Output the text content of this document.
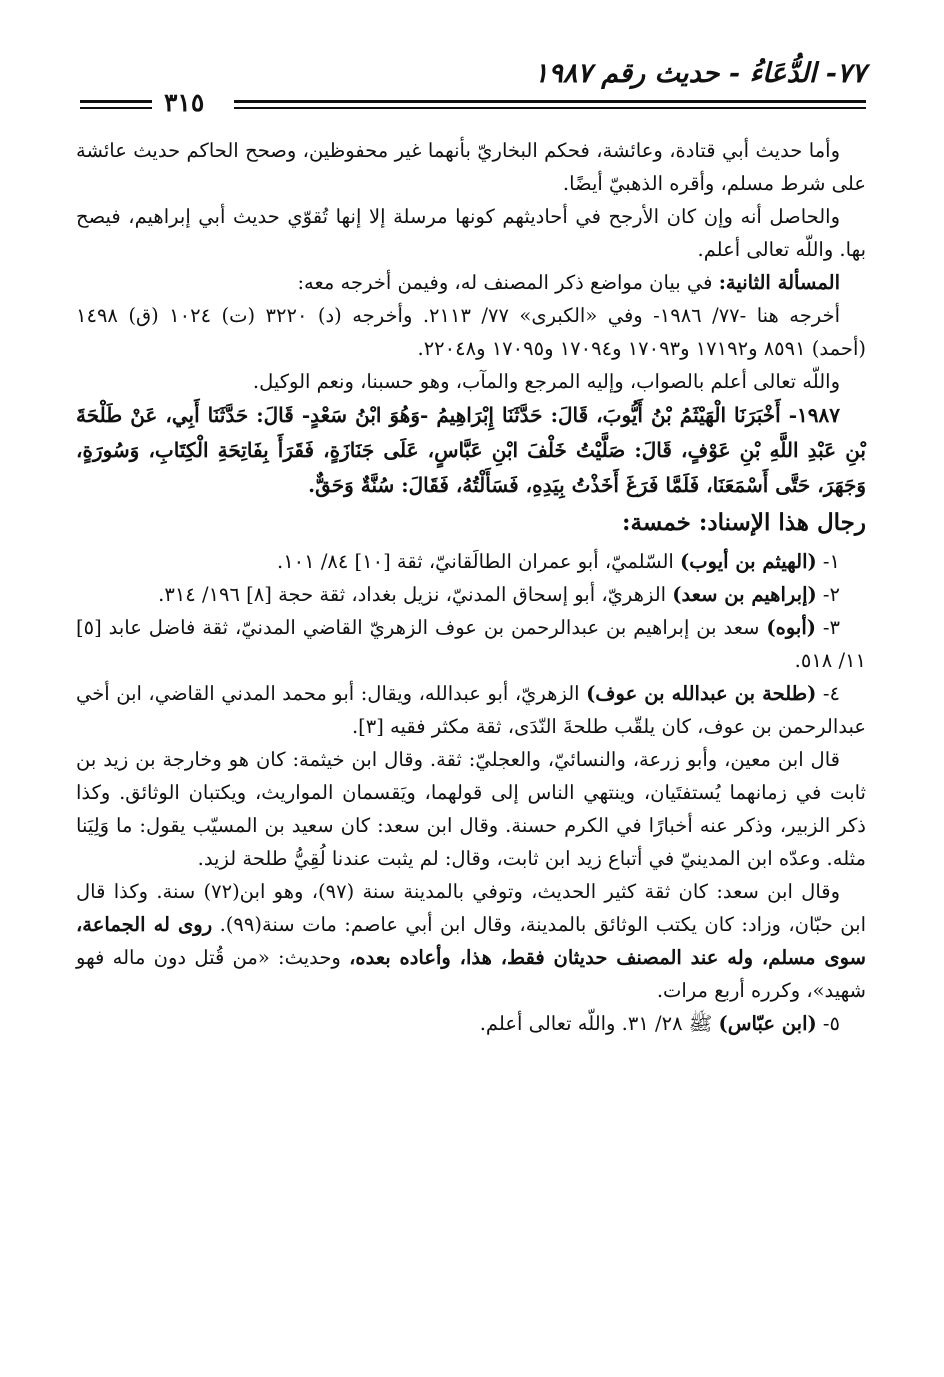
٧٧- الدُّعَاءُ - حديث رقم ١٩٨٧
٣١٥

وأما حديث أبي قتادة، وعائشة، فحكم البخاريّ بأنهما غير محفوظين، وصحح الحاكم حديث عائشة على شرط مسلم، وأقره الذهبيّ أيضًا.

والحاصل أنه وإن كان الأرجح في أحاديثهم كونها مرسلة إلا إنها تُقوّي حديث أبي إبراهيم، فيصح بها. واللّه تعالى أعلم.

المسألة الثانية: في بيان مواضع ذكر المصنف له، وفيمن أخرجه معه:

أخرجه هنا -٧٧/ ١٩٨٦- وفي «الكبرى» ٧٧/ ٢١١٣. وأخرجه (د) ٣٢٢٠ (ت) ١٠٢٤ (ق) ١٤٩٨ (أحمد) ٨٥٩١ و١٧١٩٢ و١٧٠٩٣ و١٧٠٩٤ و١٧٠٩٥ و٢٢٠٤٨.

واللّه تعالى أعلم بالصواب، وإليه المرجع والمآب، وهو حسبنا، ونعم الوكيل.

١٩٨٧- أَخْبَرَنَا الْهَيْثَمُ بْنُ أَيُّوبَ، قَالَ: حَدَّثَنَا إِبْرَاهِيمُ -وَهُوَ ابْنُ سَعْدٍ- قَالَ: حَدَّثَنَا أَبِي، عَنْ طَلْحَةَ بْنِ عَبْدِ اللَّهِ بْنِ عَوْفٍ، قَالَ: صَلَّيْتُ خَلْفَ ابْنِ عَبَّاسٍ، عَلَى جَنَازَةٍ، فَقَرَأَ بِفَاتِحَةِ الْكِتَابِ، وَسُورَةٍ، وَجَهَرَ، حَتَّى أَسْمَعَنَا، فَلَمَّا فَرَغَ أَخَذْتُ بِيَدِهِ، فَسَأَلْتُهُ، فَقَالَ: سُنَّةٌ وَحَقٌّ.

رجال هذا الإسناد: خمسة:

١- (الهيثم بن أيوب) السّلميّ، أبو عمران الطالَقانيّ، ثقة [١٠] ٨٤/ ١٠١.

٢- (إبراهيم بن سعد) الزهريّ، أبو إسحاق المدنيّ، نزيل بغداد، ثقة حجة [٨] ١٩٦/ ٣١٤.

٣- (أبوه) سعد بن إبراهيم بن عبدالرحمن بن عوف الزهريّ القاضي المدنيّ، ثقة فاضل عابد [٥] ١١/ ٥١٨.

٤- (طلحة بن عبدالله بن عوف) الزهريّ، أبو عبدالله، ويقال: أبو محمد المدني القاضي، ابن أخي عبدالرحمن بن عوف، كان يلقّب طلحةَ النّدَى، ثقة مكثر فقيه [٣].

قال ابن معين، وأبو زرعة، والنسائيّ، والعجليّ: ثقة. وقال ابن خيثمة: كان هو وخارجة بن زيد بن ثابت في زمانهما يُستفتَيان، وينتهي الناس إلى قولهما، ويَقسمان المواريث، ويكتبان الوثائق. وكذا ذكر الزبير، وذكر عنه أخبارًا في الكرم حسنة. وقال ابن سعد: كان سعيد بن المسيّب يقول: ما وَلِيَنا مثله. وعدّه ابن المدينيّ في أتباع زيد ابن ثابت، وقال: لم يثبت عندنا لُقِيُّ طلحة لزيد.

وقال ابن سعد: كان ثقة كثير الحديث، وتوفي بالمدينة سنة (٩٧)، وهو ابن(٧٢) سنة. وكذا قال ابن حبّان، وزاد: كان يكتب الوثائق بالمدينة، وقال ابن أبي عاصم: مات سنة(٩٩). روى له الجماعة، سوى مسلم، وله عند المصنف حديثان فقط، هذا، وأعاده بعده، وحديث: «من قُتل دون ماله فهو شهيد»، وكرره أربع مرات.

٥- (ابن عبّاس) ﷺ ٢٨/ ٣١. واللّه تعالى أعلم.
